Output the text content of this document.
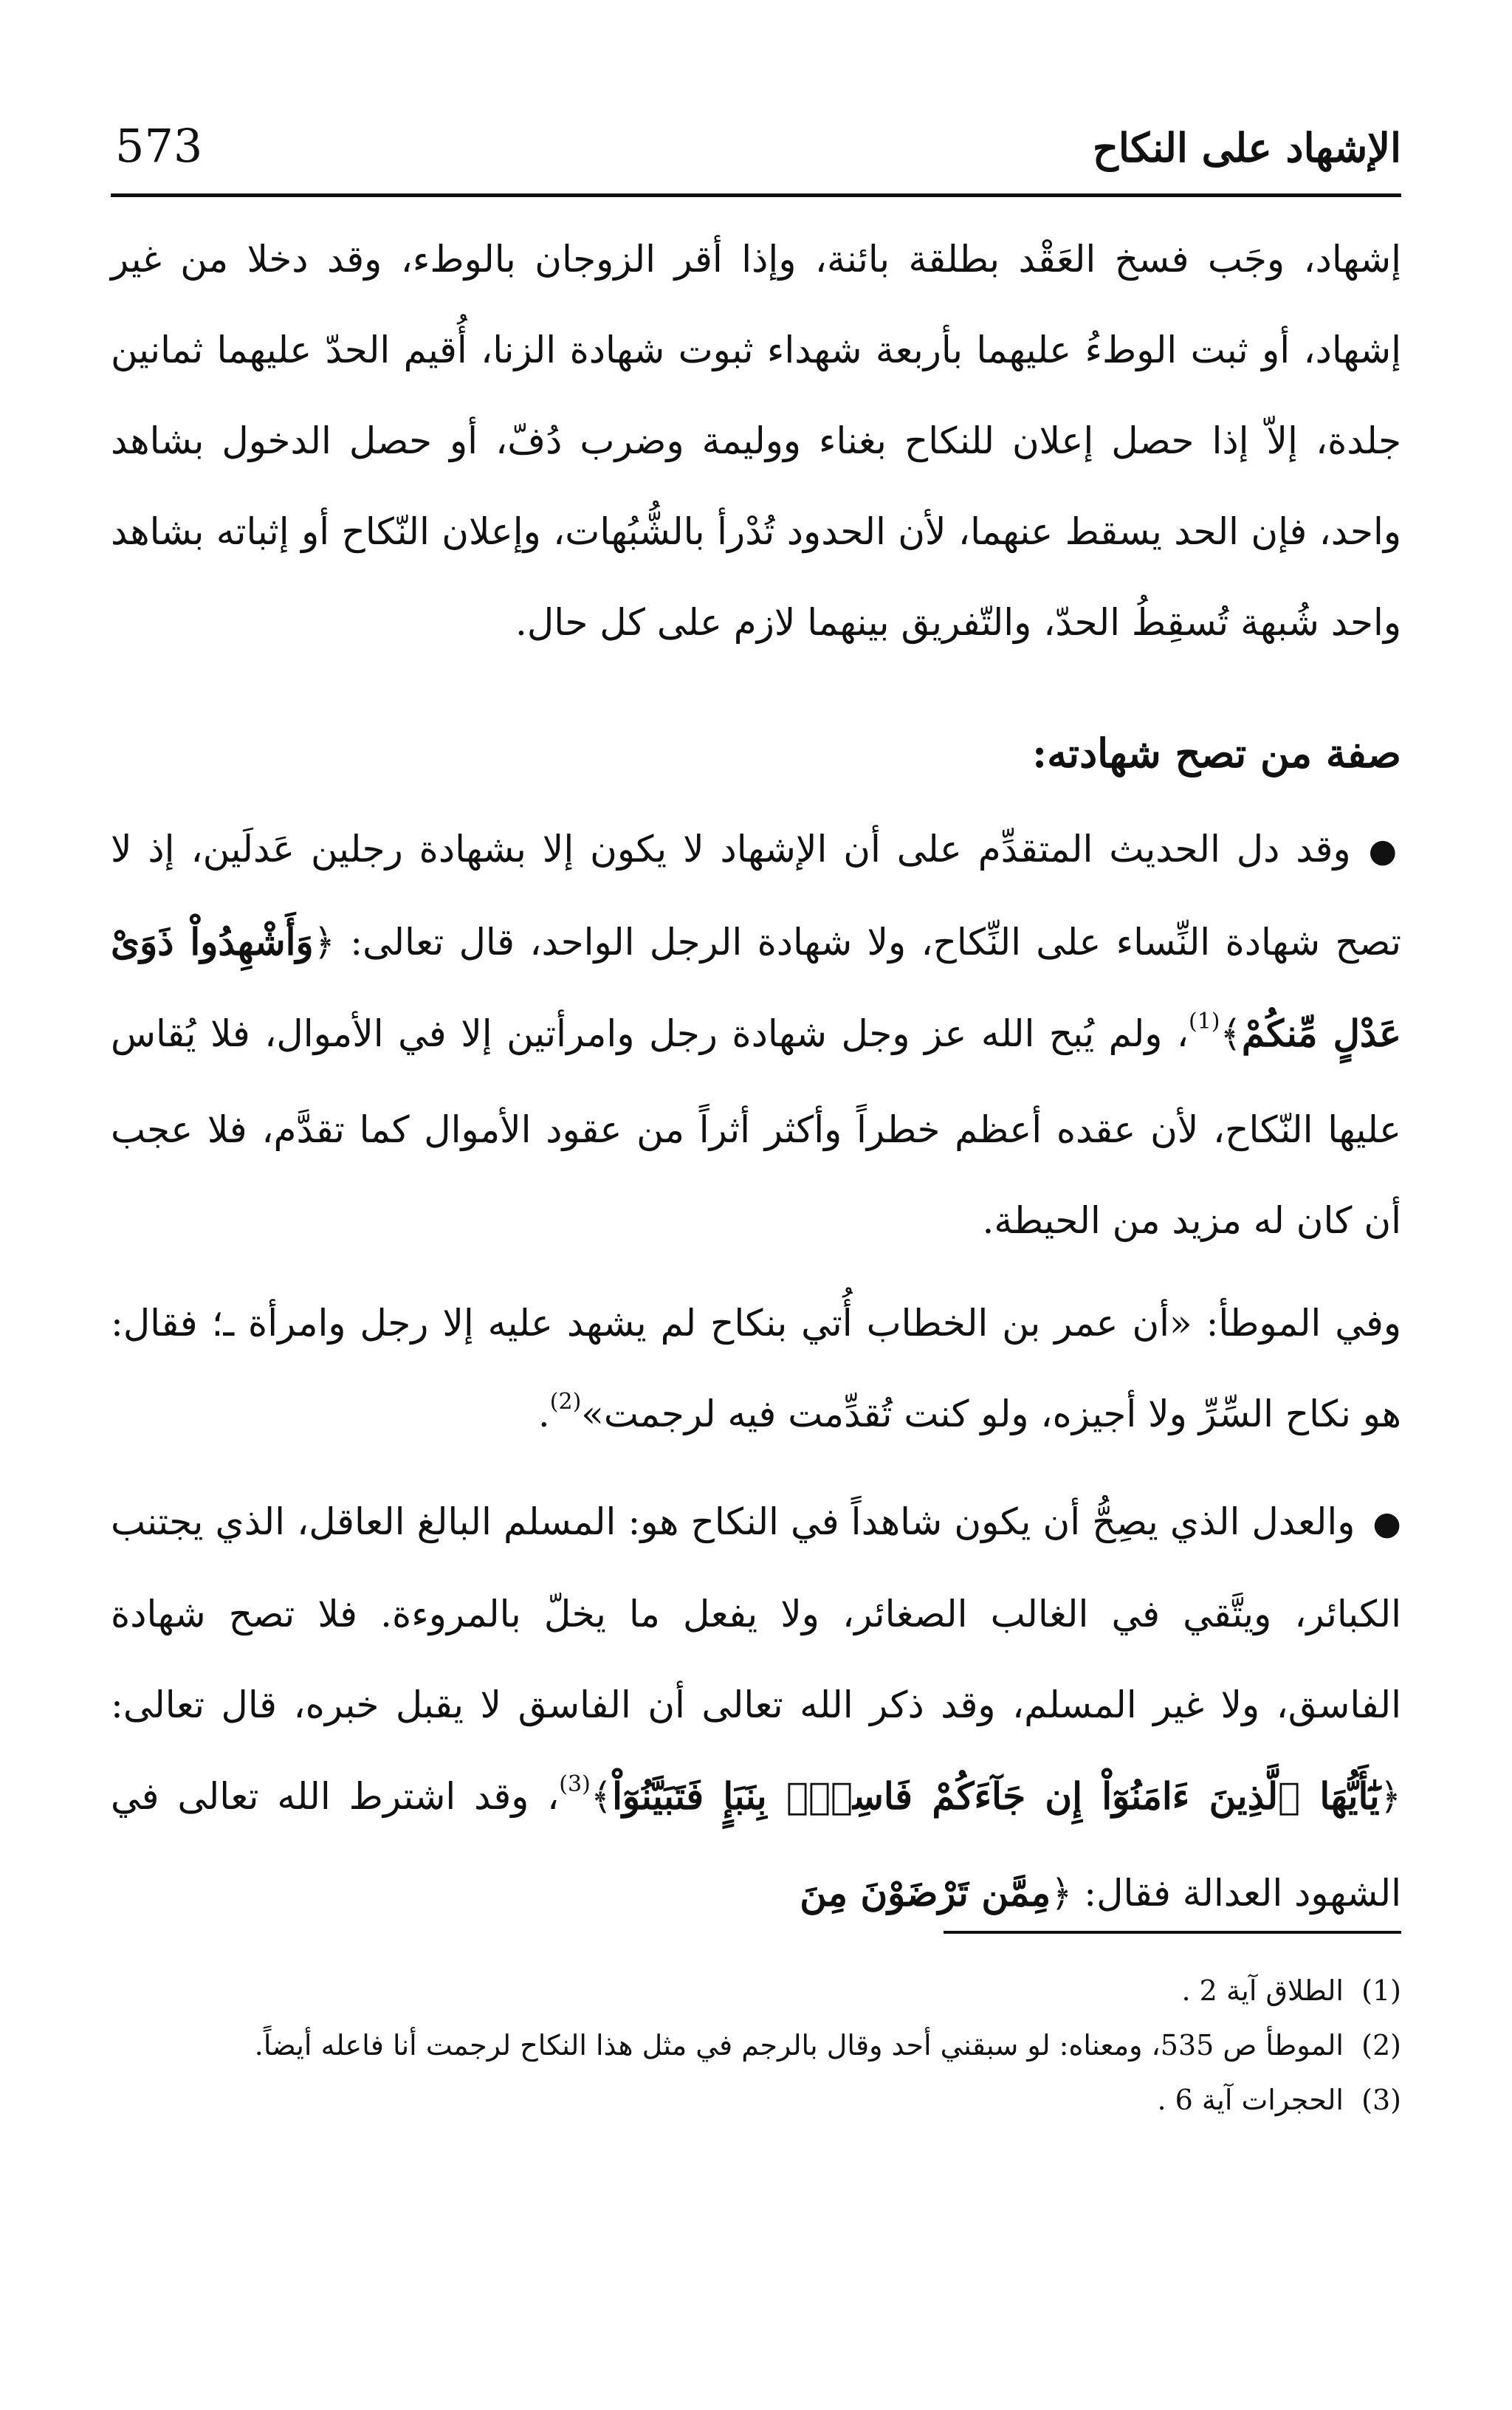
573	الإشهاد على النكاح

إشهاد، وجَب فسخ العَقْد بطلقة بائنة، وإذا أقر الزوجان بالوطء، وقد دخلا من غير إشهاد، أو ثبت الوطءُ عليهما بأربعة شهداء ثبوت شهادة الزنا، أُقيم الحدّ عليهما ثمانين جلدة، إلاّ إذا حصل إعلان للنكاح بغناء ووليمة وضرب دُفّ، أو حصل الدخول بشاهد واحد، فإن الحد يسقط عنهما، لأن الحدود تُدْرأ بالشُّبُهات، وإعلان النّكاح أو إثباته بشاهد واحد شُبهة تُسقِطُ الحدّ، والتّفريق بينهما لازم على كل حال.

صفة من تصح شهادته:

●وقد دل الحديث المتقدِّم على أن الإشهاد لا يكون إلا بشهادة رجلين عَدلَين، إذ لا تصح شهادة النِّساء على النِّكاح، ولا شهادة الرجل الواحد، قال تعالى: ﴿وَأَشْهِدُواْ ذَوَىْ عَدْلٍ مِّنكُمْ﴾$^{(1)}$، ولم يُبح الله عز وجل شهادة رجل وامرأتين إلا في الأموال، فلا يُقاس عليها النّكاح، لأن عقده أعظم خطراً وأكثر أثراً من عقود الأموال كما تقدَّم، فلا عجب أن كان له مزيد من الحيطة.

وفي الموطأ: «أن عمر بن الخطاب أُتي بنكاح لم يشهد عليه إلا رجل وامرأة ـ؛ فقال: هو نكاح السِّرِّ ولا أجيزه، ولو كنت تُقدِّمت فيه لرجمت»$^{(2)}$.

●والعدل الذي يصِحُّ أن يكون شاهداً في النكاح هو: المسلم البالغ العاقل، الذي يجتنب الكبائر، ويتَّقي في الغالب الصغائر، ولا يفعل ما يخلّ بالمروءة. فلا تصح شهادة الفاسق، ولا غير المسلم، وقد ذكر الله تعالى أن الفاسق لا يقبل خبره، قال تعالى: ﴿يَٰٓأَيُّهَا ٱلَّذِينَ ءَامَنُوٓاْ إِن جَآءَكُمْ فَاسِقُۢ بِنَبَإٍ فَتَبَيَّنُوٓاْ﴾$^{(3)}$، وقد اشترط الله تعالى في الشهود العدالة فقال: ﴿مِمَّن تَرْضَوْنَ مِنَ

(1)
الطلاق آية 2 .
(2)
الموطأ ص 535، ومعناه: لو سبقني أحد وقال بالرجم في مثل هذا النكاح لرجمت أنا فاعله أيضاً.
(3)
الحجرات آية 6 .
